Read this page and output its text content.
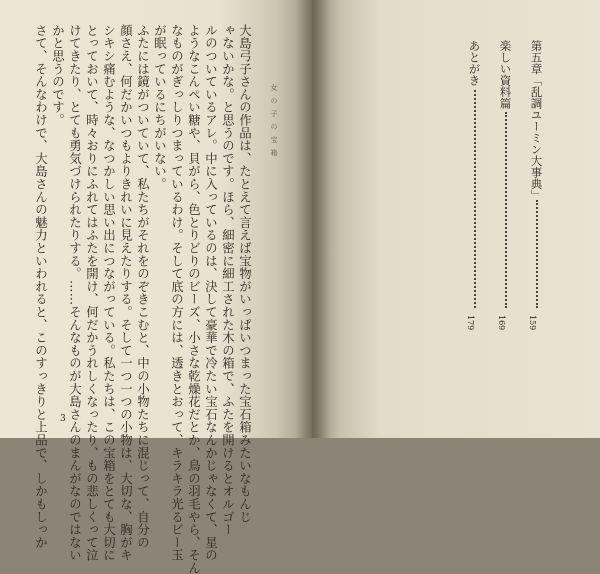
女の子の宝箱
大島弓子さんの作品は、たとえて言えば宝物がいっぱいつまった宝石箱みたいなもんじ
ゃないかな。と思うのです。ほら、細密に細工された木の箱で、ふたを開けるとオルゴー
ルのついているアレ。中に入っているのは、決して豪華で冷たい宝石なんかじゃなくて、星の
ようなこんぺい糖や、貝がら、色とりどりのビーズ、小さな乾燥花だとか、鳥の羽毛やら、そん
なものがぎっしりつまっているわけ。そして底の方には、透きとおって、キラキラ光るビー玉
が眠っているにちがいない。
ふたには鏡がついていて、私たちがそれをのぞきこむと、中の小物たちに混じって、自分の
顔さえ、何だかいつもよりきれいに見えたりする。そして一つ一つの小物は、大切な、胸がキ
シキシ痛むような、なつかしい思い出につながっている。私たちは、この宝箱をとても大切に
とっておいて、時々おりにふれてはふたを開け、何だかうれしくなったり、もの悲しくって泣
けてきたり、とても勇気づけられたりする。……そんなものが大島さんのまんがなのではない
かと思うのです。
さて、そんなわけで、大島さんの魅力といわれると、このすっきりと上品で、しかもしっか 3
第五章「乱調ユーミン大事典」
159
楽しい資料篇
169
あとがき
179
